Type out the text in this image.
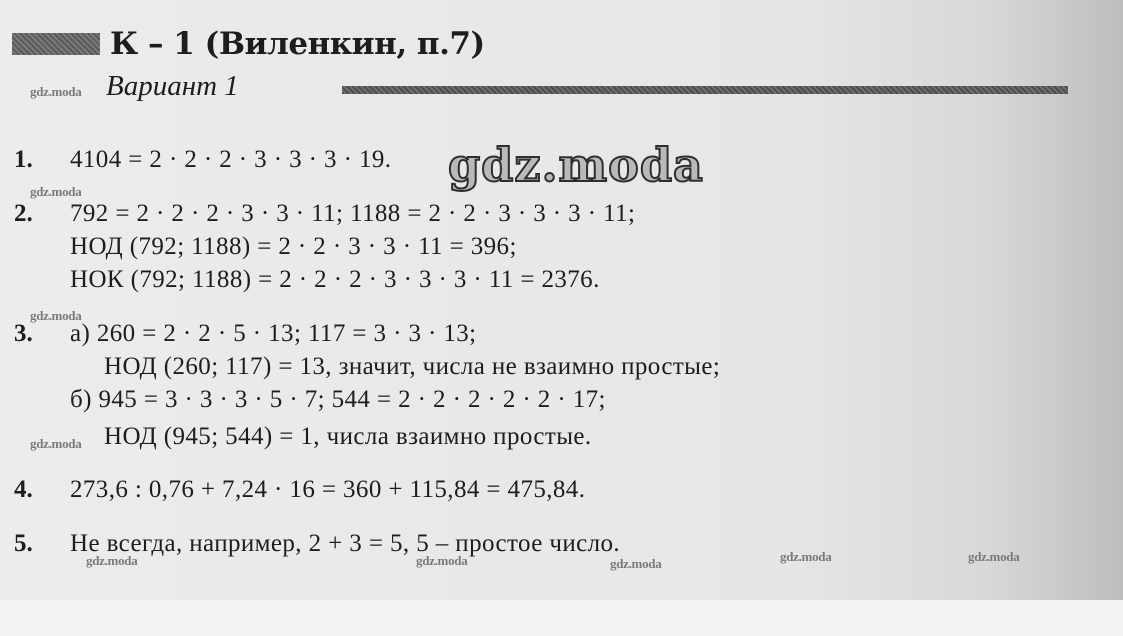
К – 1 (Виленкин, п.7)
Вариант 1
1. 4104 = 2 · 2 · 2 · 3 · 3 · 3 · 19.
2. 792 = 2 · 2 · 2 · 3 · 3 · 11; 1188 = 2 · 2 · 3 · 3 · 3 · 11;
НОД (792; 1188) = 2 · 2 · 3 · 3 · 11 = 396;
НОК (792; 1188) = 2 · 2 · 2 · 3 · 3 · 3 · 11 = 2376.
3. а) 260 = 2 · 2 · 5 · 13; 117 = 3 · 3 · 13;
НОД (260; 117) = 13, значит, числа не взаимно простые;
б) 945 = 3 · 3 · 3 · 5 · 7; 544 = 2 · 2 · 2 · 2 · 2 · 17;
НОД (945; 544) = 1, числа взаимно простые.
4. 273,6 : 0,76 + 7,24 · 16 = 360 + 115,84 = 475,84.
5. Не всегда, например, 2 + 3 = 5, 5 – простое число.
gdz.moda
gdz.moda
gdz.moda
gdz.moda
gdz.moda
gdz.moda	gdz.moda	gdz.moda	gdz.moda	gdz.moda
